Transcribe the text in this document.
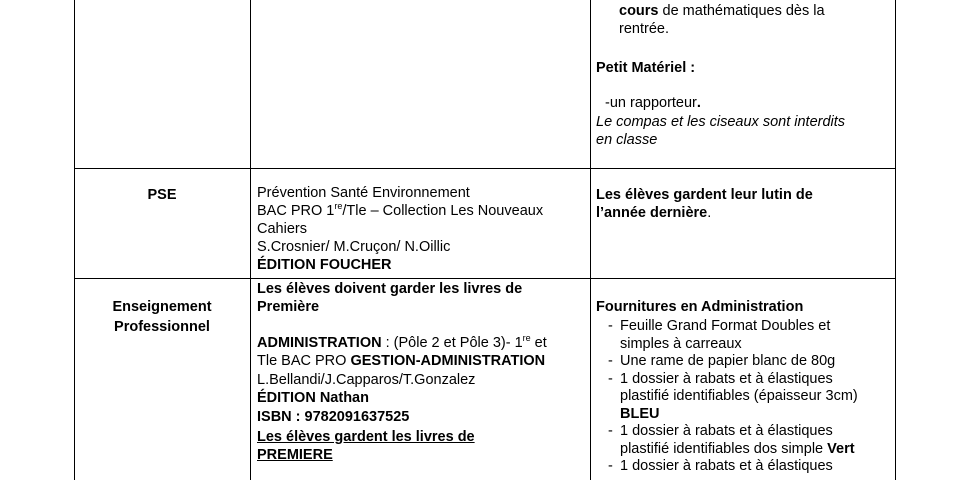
cours de mathématiques dès la
rentrée.
Petit Matériel :
-un rapporteur.
Le compas et les ciseaux sont interdits
en classe
PSE	Prévention Santé Environnement
BAC PRO 1re/Tle – Collection Les Nouveaux
Cahiers
S.Crosnier/ M.Cruçon/ N.Oillic
ÉDITION FOUCHER
Les élèves gardent leur lutin de
l’année dernière.
Enseignement
Professionnel
Les élèves doivent garder les livres de
Première
ADMINISTRATION : (Pôle 2 et Pôle 3)- 1re et
Tle BAC PRO GESTION-ADMINISTRATION
L.Bellandi/J.Capparos/T.Gonzalez
ÉDITION Nathan
ISBN : 9782091637525
Les élèves gardent les livres de
PREMIERE
Fournitures en Administration
- Feuille Grand Format Doubles et
simples à carreaux
- Une rame de papier blanc de 80g
- 1 dossier à rabats et à élastiques
plastifié identifiables (épaisseur 3cm)
BLEU
- 1 dossier à rabats et à élastiques
plastifié identifiables dos simple Vert
- 1 dossier à rabats et à élastiques
